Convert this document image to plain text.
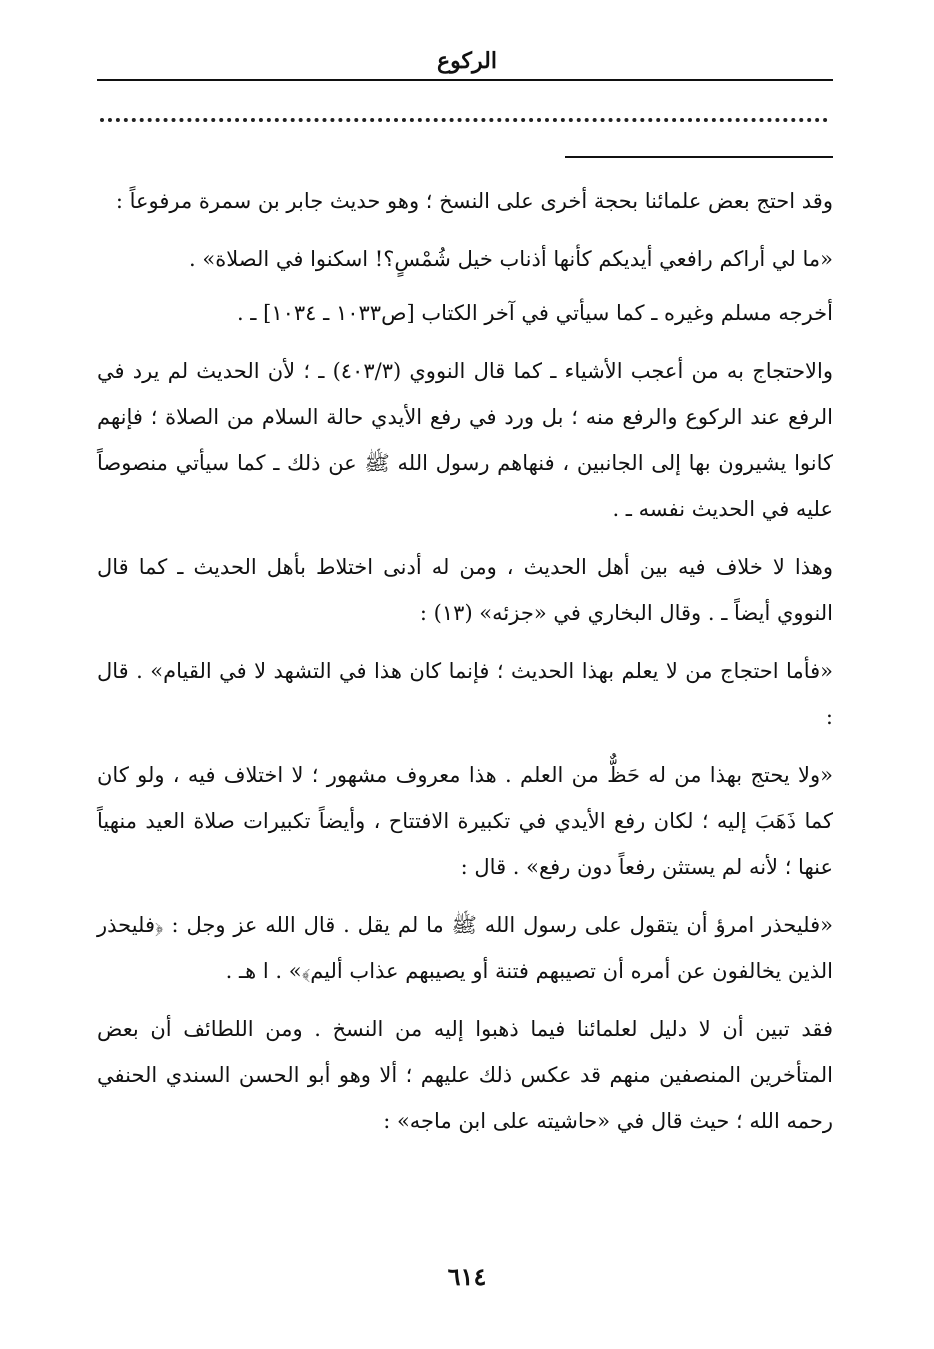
الركوع

وقد احتج بعض علمائنا بحجة أخرى على النسخ ؛ وهو حديث جابر بن سمرة مرفوعاً :

«ما لي أراكم رافعي أيديكم كأنها أذناب خيل شُمْسٍ؟! اسكنوا في الصلاة» .

أخرجه مسلم وغيره ـ كما سيأتي في آخر الكتاب [ص١٠٣٣ ـ ١٠٣٤] ـ .

والاحتجاج به من أعجب الأشياء ـ كما قال النووي (٤٠٣/٣) ـ ؛ لأن الحديث لم يرد في الرفع عند الركوع والرفع منه ؛ بل ورد في رفع الأيدي حالة السلام من الصلاة ؛ فإنهم كانوا يشيرون بها إلى الجانبين ، فنهاهم رسول الله ﷺ عن ذلك ـ كما سيأتي منصوصاً عليه في الحديث نفسه ـ .

وهذا لا خلاف فيه بين أهل الحديث ، ومن له أدنى اختلاط بأهل الحديث ـ كما قال النووي أيضاً ـ . وقال البخاري في «جزئه» (١٣) :

«فأما احتجاج من لا يعلم بهذا الحديث ؛ فإنما كان هذا في التشهد لا في القيام» . قال :

«ولا يحتج بهذا من له حَظٌّ من العلم . هذا معروف مشهور ؛ لا اختلاف فيه ، ولو كان كما ذَهَبَ إليه ؛ لكان رفع الأيدي في تكبيرة الافتتاح ، وأيضاً تكبيرات صلاة العيد منهياً عنها ؛ لأنه لم يستثن رفعاً دون رفع» . قال :

«فليحذر امرؤ أن يتقول على رسول الله ﷺ ما لم يقل . قال الله عز وجل : ﴿فليحذر الذين يخالفون عن أمره أن تصيبهم فتنة أو يصيبهم عذاب أليم﴾» . ا هـ .

فقد تبين أن لا دليل لعلمائنا فيما ذهبوا إليه من النسخ . ومن اللطائف أن بعض المتأخرين المنصفين منهم قد عكس ذلك عليهم ؛ ألا وهو أبو الحسن السندي الحنفي رحمه الله ؛ حيث قال في «حاشيته على ابن ماجه» :

٦١٤
